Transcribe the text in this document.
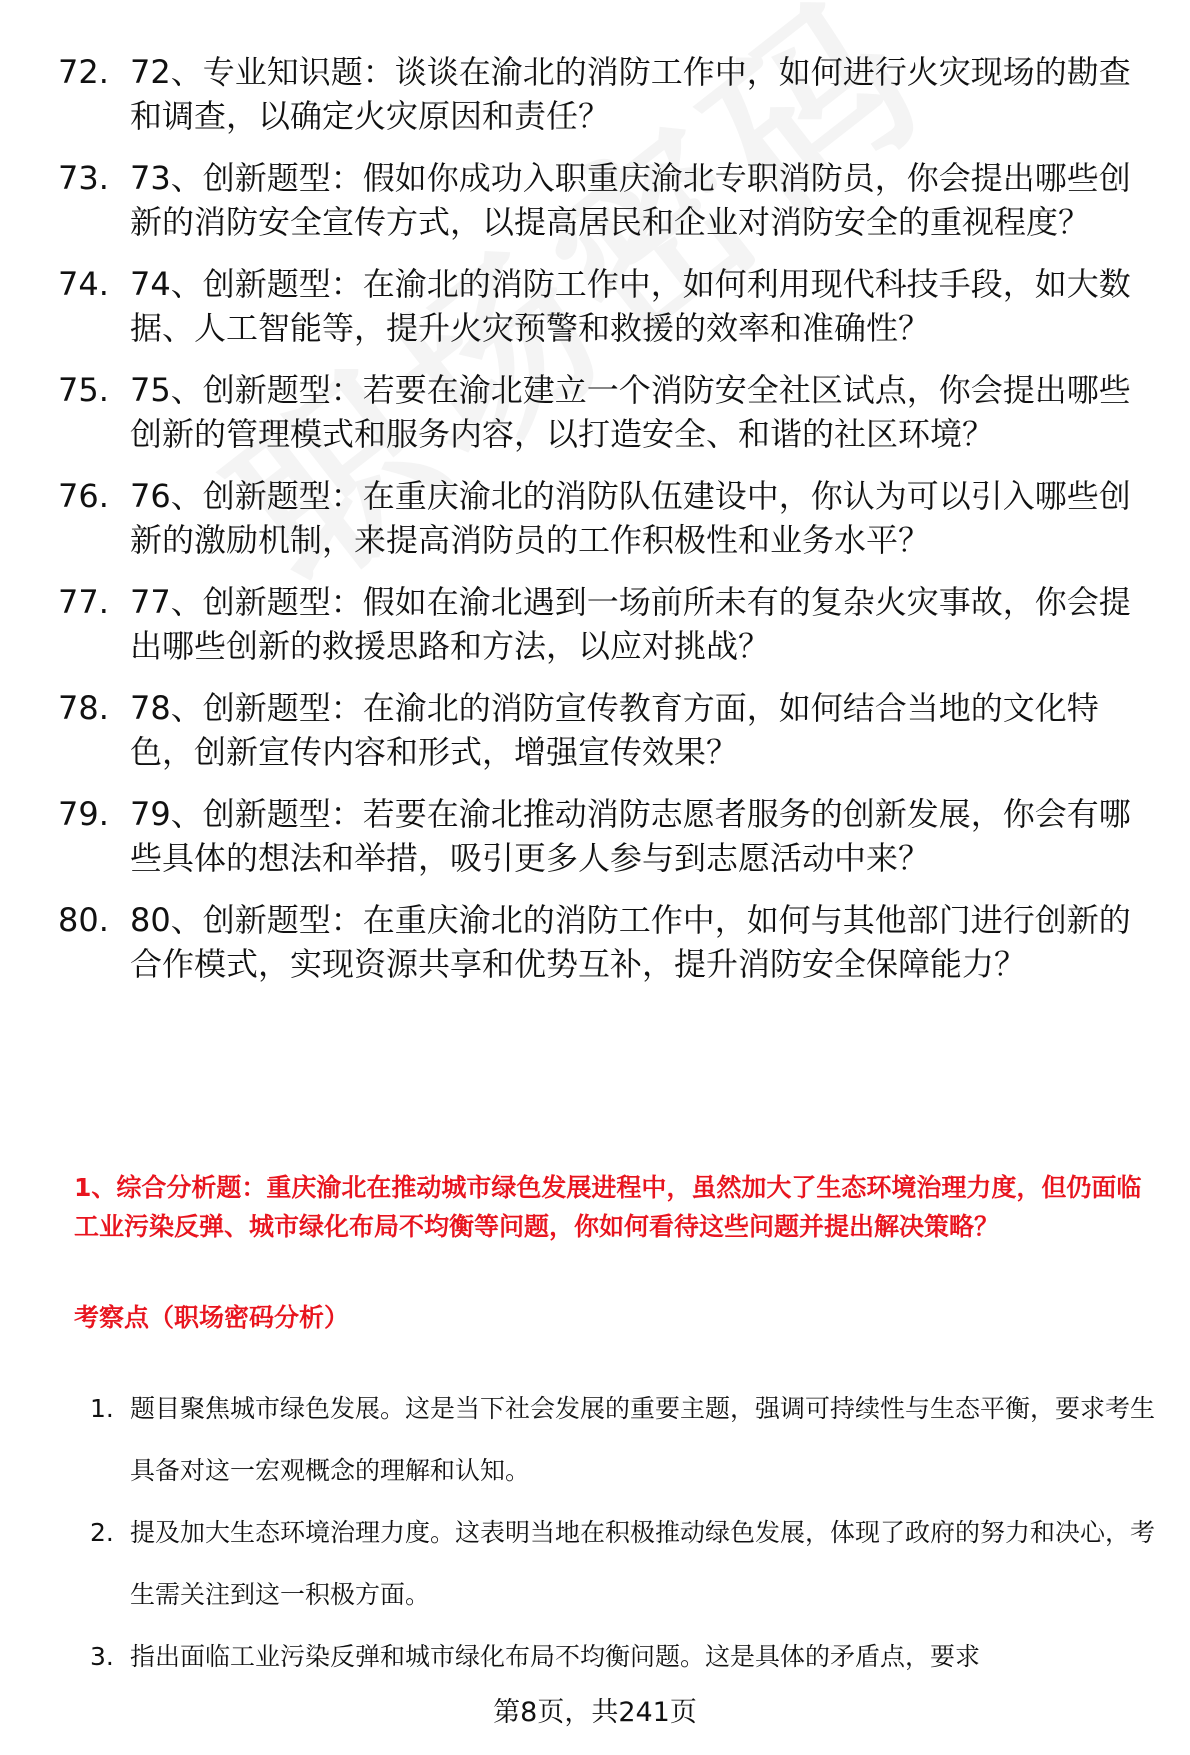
72. 72、专业知识题：谈谈在渝北的消防工作中，如何进行火灾现场的勘查和调查，以确定火灾原因和责任？
73. 73、创新题型：假如你成功入职重庆渝北专职消防员，你会提出哪些创新的消防安全宣传方式，以提高居民和企业对消防安全的重视程度？
74. 74、创新题型：在渝北的消防工作中，如何利用现代科技手段，如大数据、人工智能等，提升火灾预警和救援的效率和准确性？
75. 75、创新题型：若要在渝北建立一个消防安全社区试点，你会提出哪些创新的管理模式和服务内容，以打造安全、和谐的社区环境？
76. 76、创新题型：在重庆渝北的消防队伍建设中，你认为可以引入哪些创新的激励机制，来提高消防员的工作积极性和业务水平？
77. 77、创新题型：假如在渝北遇到一场前所未有的复杂火灾事故，你会提出哪些创新的救援思路和方法，以应对挑战？
78. 78、创新题型：在渝北的消防宣传教育方面，如何结合当地的文化特色，创新宣传内容和形式，增强宣传效果？
79. 79、创新题型：若要在渝北推动消防志愿者服务的创新发展，你会有哪些具体的想法和举措，吸引更多人参与到志愿活动中来？
80. 80、创新题型：在重庆渝北的消防工作中，如何与其他部门进行创新的合作模式，实现资源共享和优势互补，提升消防安全保障能力？
1、综合分析题：重庆渝北在推动城市绿色发展进程中，虽然加大了生态环境治理力度，但仍面临工业污染反弹、城市绿化布局不均衡等问题，你如何看待这些问题并提出解决策略？
考察点（职场密码分析）
1. 题目聚焦城市绿色发展。这是当下社会发展的重要主题，强调可持续性与生态平衡，要求考生具备对这一宏观概念的理解和认知。
2. 提及加大生态环境治理力度。这表明当地在积极推动绿色发展，体现了政府的努力和决心，考生需关注到这一积极方面。
3. 指出面临工业污染反弹和城市绿化布局不均衡问题。这是具体的矛盾点，要求
第8页，共241页
